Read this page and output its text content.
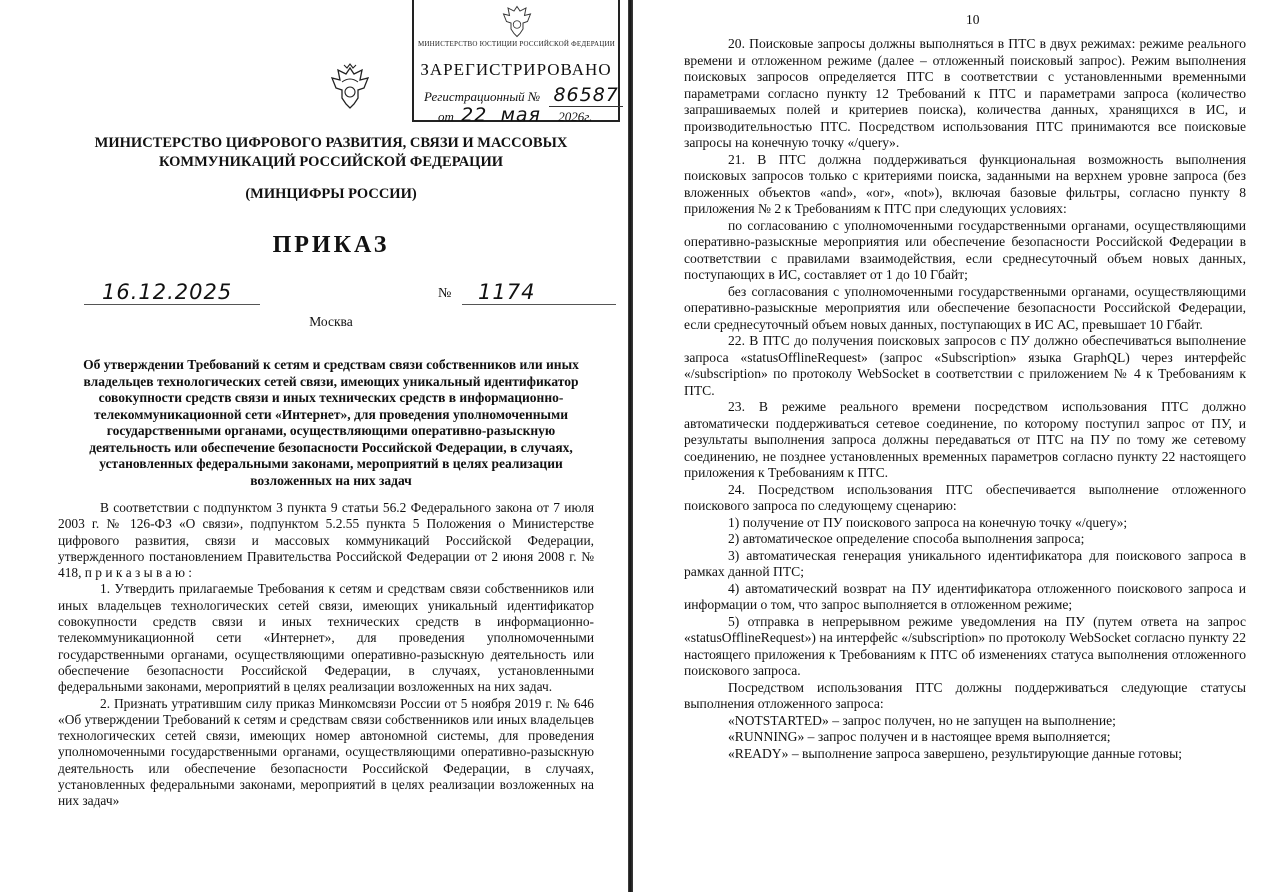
МИНИСТЕРСТВО ЮСТИЦИИ РОССИЙСКОЙ ФЕДЕРАЦИИ
ЗАРЕГИСТРИРОВАНО
Регистрационный № 86587
от 22 мая 2026г.
МИНИСТЕРСТВО ЦИФРОВОГО РАЗВИТИЯ, СВЯЗИ И МАССОВЫХ КОММУНИКАЦИЙ РОССИЙСКОЙ ФЕДЕРАЦИИ
(МИНЦИФРЫ РОССИИ)
ПРИКАЗ
16.12.2025	№ 1174
Москва
Об утверждении Требований к сетям и средствам связи собственников или иных владельцев технологических сетей связи, имеющих уникальный идентификатор совокупности средств связи и иных технических средств в информационно-телекоммуникационной сети «Интернет», для проведения уполномоченными государственными органами, осуществляющими оперативно-разыскную деятельность или обеспечение безопасности Российской Федерации, в случаях, установленных федеральными законами, мероприятий в целях реализации возложенных на них задач

В соответствии с подпунктом 3 пункта 9 статьи 56.2 Федерального закона от 7 июля 2003 г. № 126-ФЗ «О связи», подпунктом 5.2.55 пункта 5 Положения о Министерстве цифрового развития, связи и массовых коммуникаций Российской Федерации, утвержденного постановлением Правительства Российской Федерации от 2 июня 2008 г. № 418, п р и к а з ы в а ю :

1. Утвердить прилагаемые Требования к сетям и средствам связи собственников или иных владельцев технологических сетей связи, имеющих уникальный идентификатор совокупности средств связи и иных технических средств в информационно-телекоммуникационной сети «Интернет», для проведения уполномоченными государственными органами, осуществляющими оперативно-разыскную деятельность или обеспечение безопасности Российской Федерации, в случаях, установленными федеральными законами, мероприятий в целях реализации возложенных на них задач.

2. Признать утратившим силу приказ Минкомсвязи России от 5 ноября 2019 г. № 646 «Об утверждении Требований к сетям и средствам связи собственников или иных владельцев технологических сетей связи, имеющих номер автономной системы, для проведения уполномоченными государственными органами, осуществляющими оперативно-разыскную деятельность или обеспечение безопасности Российской Федерации, в случаях, установленных федеральными законами, мероприятий в целях реализации возложенных на них задач»

10

20. Поисковые запросы должны выполняться в ПТС в двух режимах: режиме реального времени и отложенном режиме (далее – отложенный поисковый запрос). Режим выполнения поисковых запросов определяется ПТС в соответствии с установленными временными параметрами согласно пункту 12 Требований к ПТС и параметрами запроса (количество запрашиваемых полей и критериев поиска), количества данных, хранящихся в ИС, и производительностью ПТС. Посредством использования ПТС принимаются все поисковые запросы на конечную точку «/query».

21. В ПТС должна поддерживаться функциональная возможность выполнения поисковых запросов только с критериями поиска, заданными на верхнем уровне запроса (без вложенных объектов «and», «or», «not»), включая базовые фильтры, согласно пункту 8 приложения № 2 к Требованиям к ПТС при следующих условиях:

по согласованию с уполномоченными государственными органами, осуществляющими оперативно-разыскные мероприятия или обеспечение безопасности Российской Федерации в соответствии с правилами взаимодействия, если среднесуточный объем новых данных, поступающих в ИС, составляет от 1 до 10 Гбайт;

без согласования с уполномоченными государственными органами, осуществляющими оперативно-разыскные мероприятия или обеспечение безопасности Российской Федерации, если среднесуточный объем новых данных, поступающих в ИС АС, превышает 10 Гбайт.

22. В ПТС до получения поисковых запросов с ПУ должно обеспечиваться выполнение запроса «statusOfflineRequest» (запрос «Subscription» языка GraphQL) через интерфейс «/subscription» по протоколу WebSocket в соответствии с приложением № 4 к Требованиям к ПТС.

23. В режиме реального времени посредством использования ПТС должно автоматически поддерживаться сетевое соединение, по которому поступил запрос от ПУ, и результаты выполнения запроса должны передаваться от ПТС на ПУ по тому же сетевому соединению, не позднее установленных временных параметров согласно пункту 22 настоящего приложения к Требованиям к ПТС.

24. Посредством использования ПТС обеспечивается выполнение отложенного поискового запроса по следующему сценарию:

1) получение от ПУ поискового запроса на конечную точку «/query»;

2) автоматическое определение способа выполнения запроса;

3) автоматическая генерация уникального идентификатора для поискового запроса в рамках данной ПТС;

4) автоматический возврат на ПУ идентификатора отложенного поискового запроса и информации о том, что запрос выполняется в отложенном режиме;

5) отправка в непрерывном режиме уведомления на ПУ (путем ответа на запрос «statusOfflineRequest») на интерфейс «/subscription» по протоколу WebSocket согласно пункту 22 настоящего приложения к Требованиям к ПТС об изменениях статуса выполнения отложенного поискового запроса.

Посредством использования ПТС должны поддерживаться следующие статусы выполнения отложенного запроса:

«NOTSTARTED» – запрос получен, но не запущен на выполнение;

«RUNNING» – запрос получен и в настоящее время выполняется;

«READY» – выполнение запроса завершено, результирующие данные готовы;
